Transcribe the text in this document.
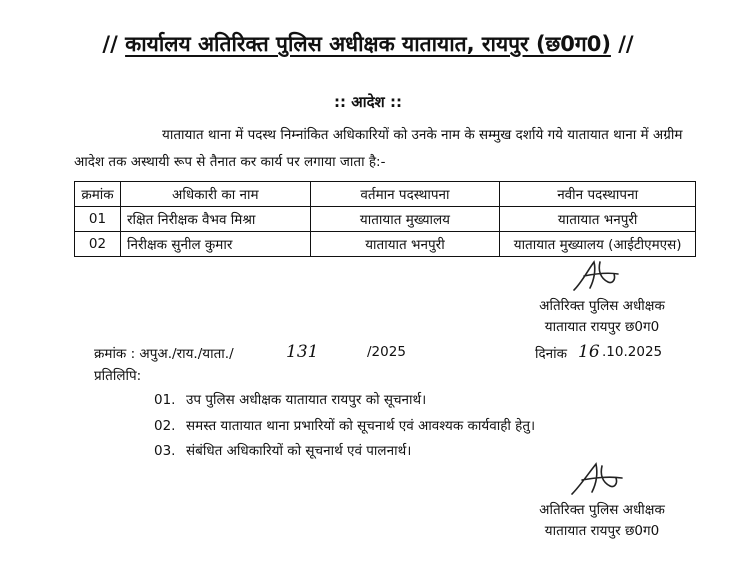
// कार्यालय अतिरिक्त पुलिस अधीक्षक यातायात, रायपुर (छ0ग0) //
:: आदेश ::
यातायात थाना में पदस्थ निम्नांकित अधिकारियों को उनके नाम के सम्मुख दर्शाये गये यातायात थाना में अग्रीम आदेश तक अस्थायी रूप से तैनात कर कार्य पर लगाया जाता है:-
क्रमांक	अधिकारी का नाम	वर्तमान पदस्थापना	नवीन पदस्थापना
01	रक्षित निरीक्षक वैभव मिश्रा	यातायात मुख्यालय	यातायात भनपुरी
02	निरीक्षक सुनील कुमार	यातायात भनपुरी	यातायात मुख्यालय (आईटीएमएस)
अतिरिक्त पुलिस अधीक्षक
यातायात रायपुर छ0ग0
क्रमांक : अपुअ./राय./याता./	131	/2025	दिनांक 16 .10.2025
प्रतिलिपि:
01. उप पुलिस अधीक्षक यातायात रायपुर को सूचनार्थ।
02. समस्त यातायात थाना प्रभारियों को सूचनार्थ एवं आवश्यक कार्यवाही हेतु।
03. संबंधित अधिकारियों को सूचनार्थ एवं पालनार्थ।
अतिरिक्त पुलिस अधीक्षक
यातायात रायपुर छ0ग0
